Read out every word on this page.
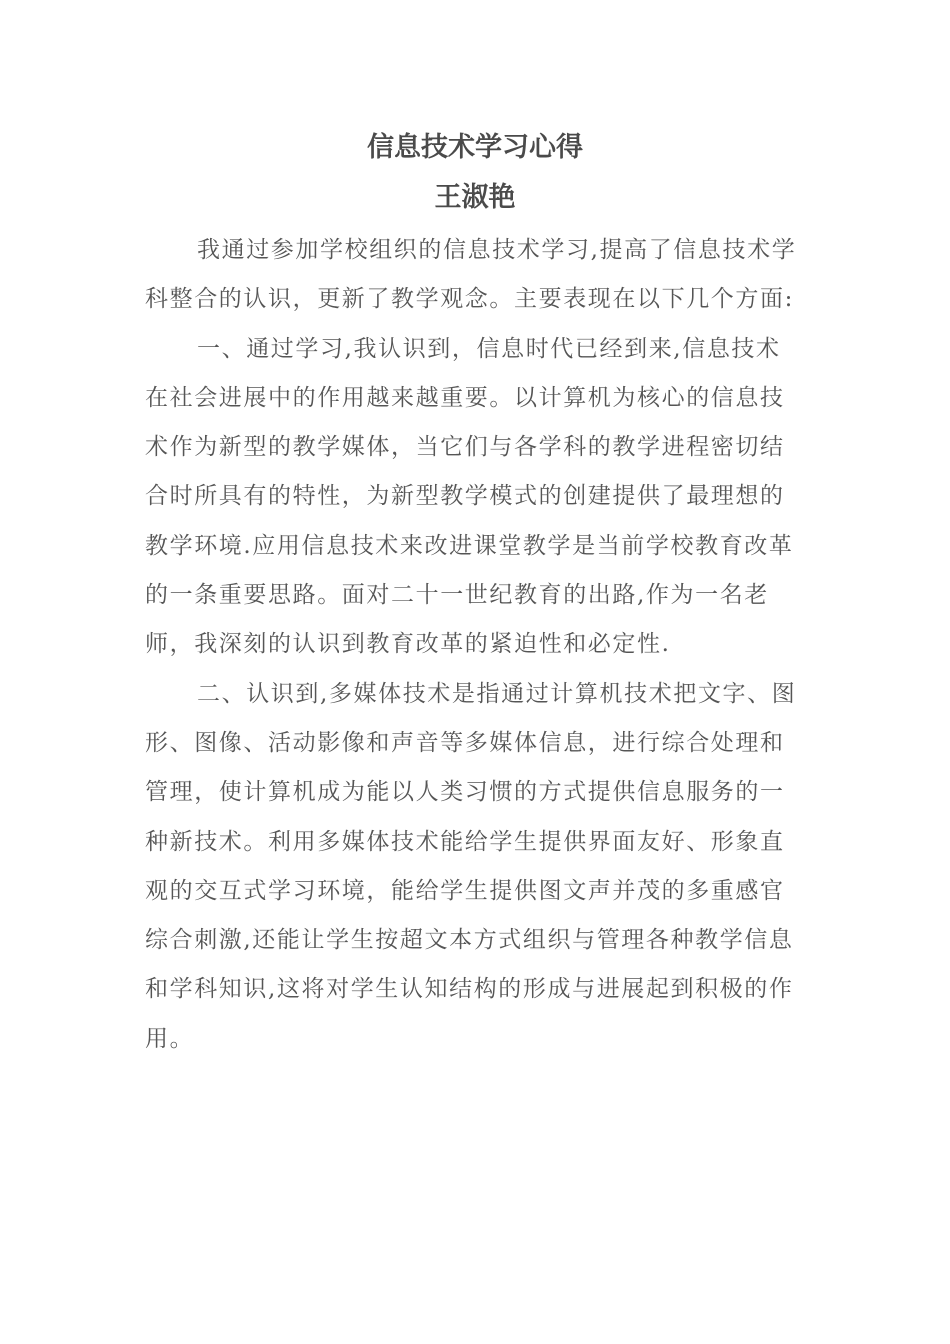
信息技术学习心得
王淑艳

我通过参加学校组织的信息技术学习,提高了信息技术学科整合的认识，更新了教学观念。主要表现在以下几个方面:

一、通过学习,我认识到，信息时代已经到来,信息技术在社会进展中的作用越来越重要。以计算机为核心的信息技术作为新型的教学媒体，当它们与各学科的教学进程密切结合时所具有的特性，为新型教学模式的创建提供了最理想的教学环境.应用信息技术来改进课堂教学是当前学校教育改革的一条重要思路。面对二十一世纪教育的出路,作为一名老师，我深刻的认识到教育改革的紧迫性和必定性.

二、认识到,多媒体技术是指通过计算机技术把文字、图形、图像、活动影像和声音等多媒体信息，进行综合处理和管理，使计算机成为能以人类习惯的方式提供信息服务的一种新技术。利用多媒体技术能给学生提供界面友好、形象直观的交互式学习环境，能给学生提供图文声并茂的多重感官综合刺激,还能让学生按超文本方式组织与管理各种教学信息和学科知识,这将对学生认知结构的形成与进展起到积极的作用。
